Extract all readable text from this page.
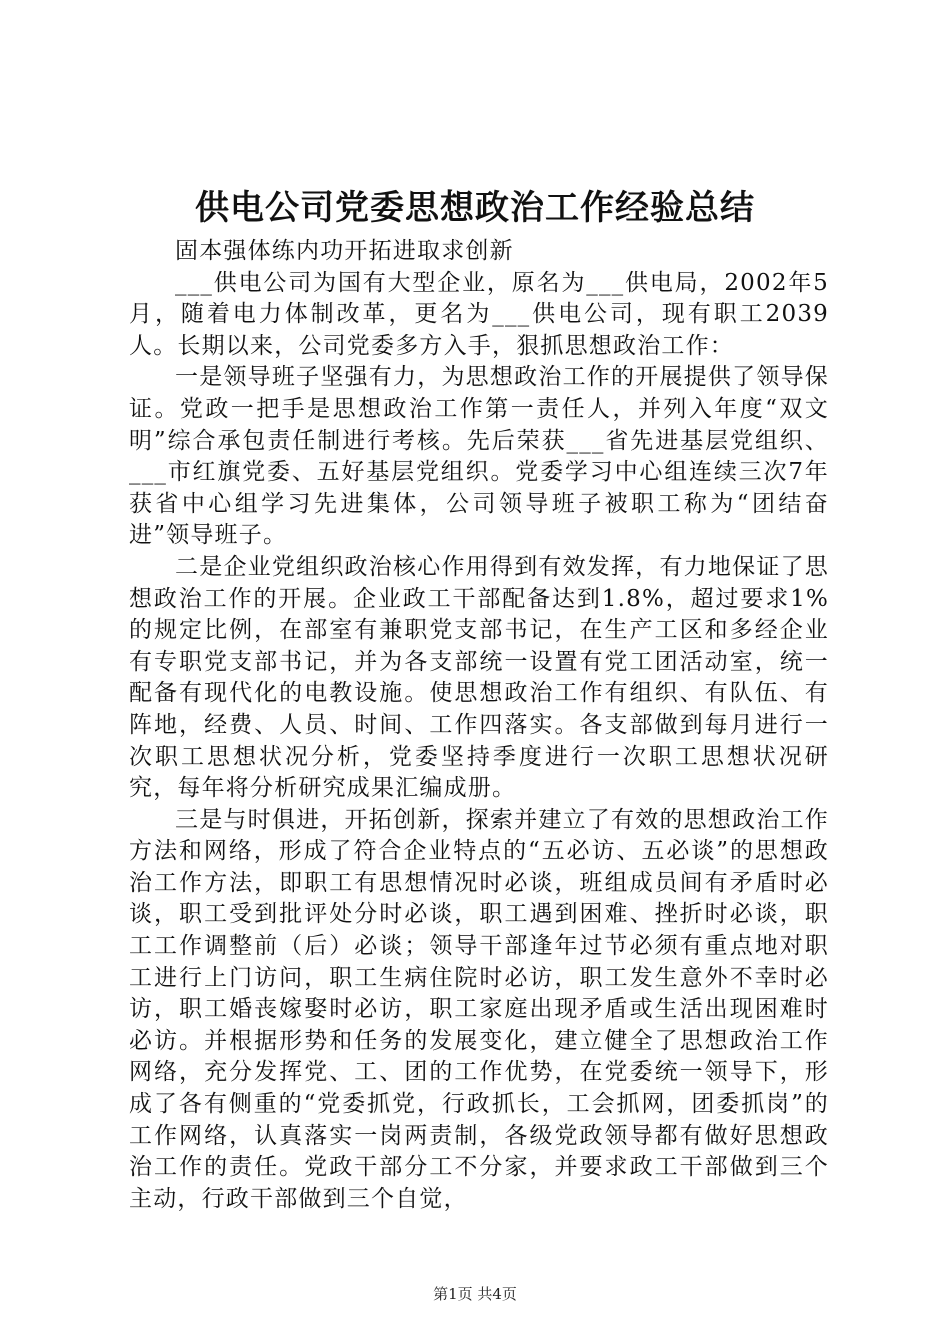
供电公司党委思想政治工作经验总结

固本强体练内功开拓进取求创新

___供电公司为国有大型企业，原名为___供电局，2002年5月，随着电力体制改革，更名为___供电公司，现有职工2039人。长期以来，公司党委多方入手，狠抓思想政治工作：

一是领导班子坚强有力，为思想政治工作的开展提供了领导保证。党政一把手是思想政治工作第一责任人，并列入年度“双文明”综合承包责任制进行考核。先后荣获___省先进基层党组织、___市红旗党委、五好基层党组织。党委学习中心组连续三次7年获省中心组学习先进集体，公司领导班子被职工称为“团结奋进”领导班子。

二是企业党组织政治核心作用得到有效发挥，有力地保证了思想政治工作的开展。企业政工干部配备达到1.8%，超过要求1%的规定比例，在部室有兼职党支部书记，在生产工区和多经企业有专职党支部书记，并为各支部统一设置有党工团活动室，统一配备有现代化的电教设施。使思想政治工作有组织、有队伍、有阵地，经费、人员、时间、工作四落实。各支部做到每月进行一次职工思想状况分析，党委坚持季度进行一次职工思想状况研究，每年将分析研究成果汇编成册。

三是与时俱进，开拓创新，探索并建立了有效的思想政治工作方法和网络，形成了符合企业特点的“五必访、五必谈”的思想政治工作方法，即职工有思想情况时必谈，班组成员间有矛盾时必谈，职工受到批评处分时必谈，职工遇到困难、挫折时必谈，职工工作调整前（后）必谈；领导干部逢年过节必须有重点地对职工进行上门访问，职工生病住院时必访，职工发生意外不幸时必访，职工婚丧嫁娶时必访，职工家庭出现矛盾或生活出现困难时必访。并根据形势和任务的发展变化，建立健全了思想政治工作网络，充分发挥党、工、团的工作优势，在党委统一领导下，形成了各有侧重的“党委抓党，行政抓长，工会抓网，团委抓岗”的工作网络，认真落实一岗两责制，各级党政领导都有做好思想政治工作的责任。党政干部分工不分家，并要求政工干部做到三个主动，行政干部做到三个自觉，

第1页 共4页
